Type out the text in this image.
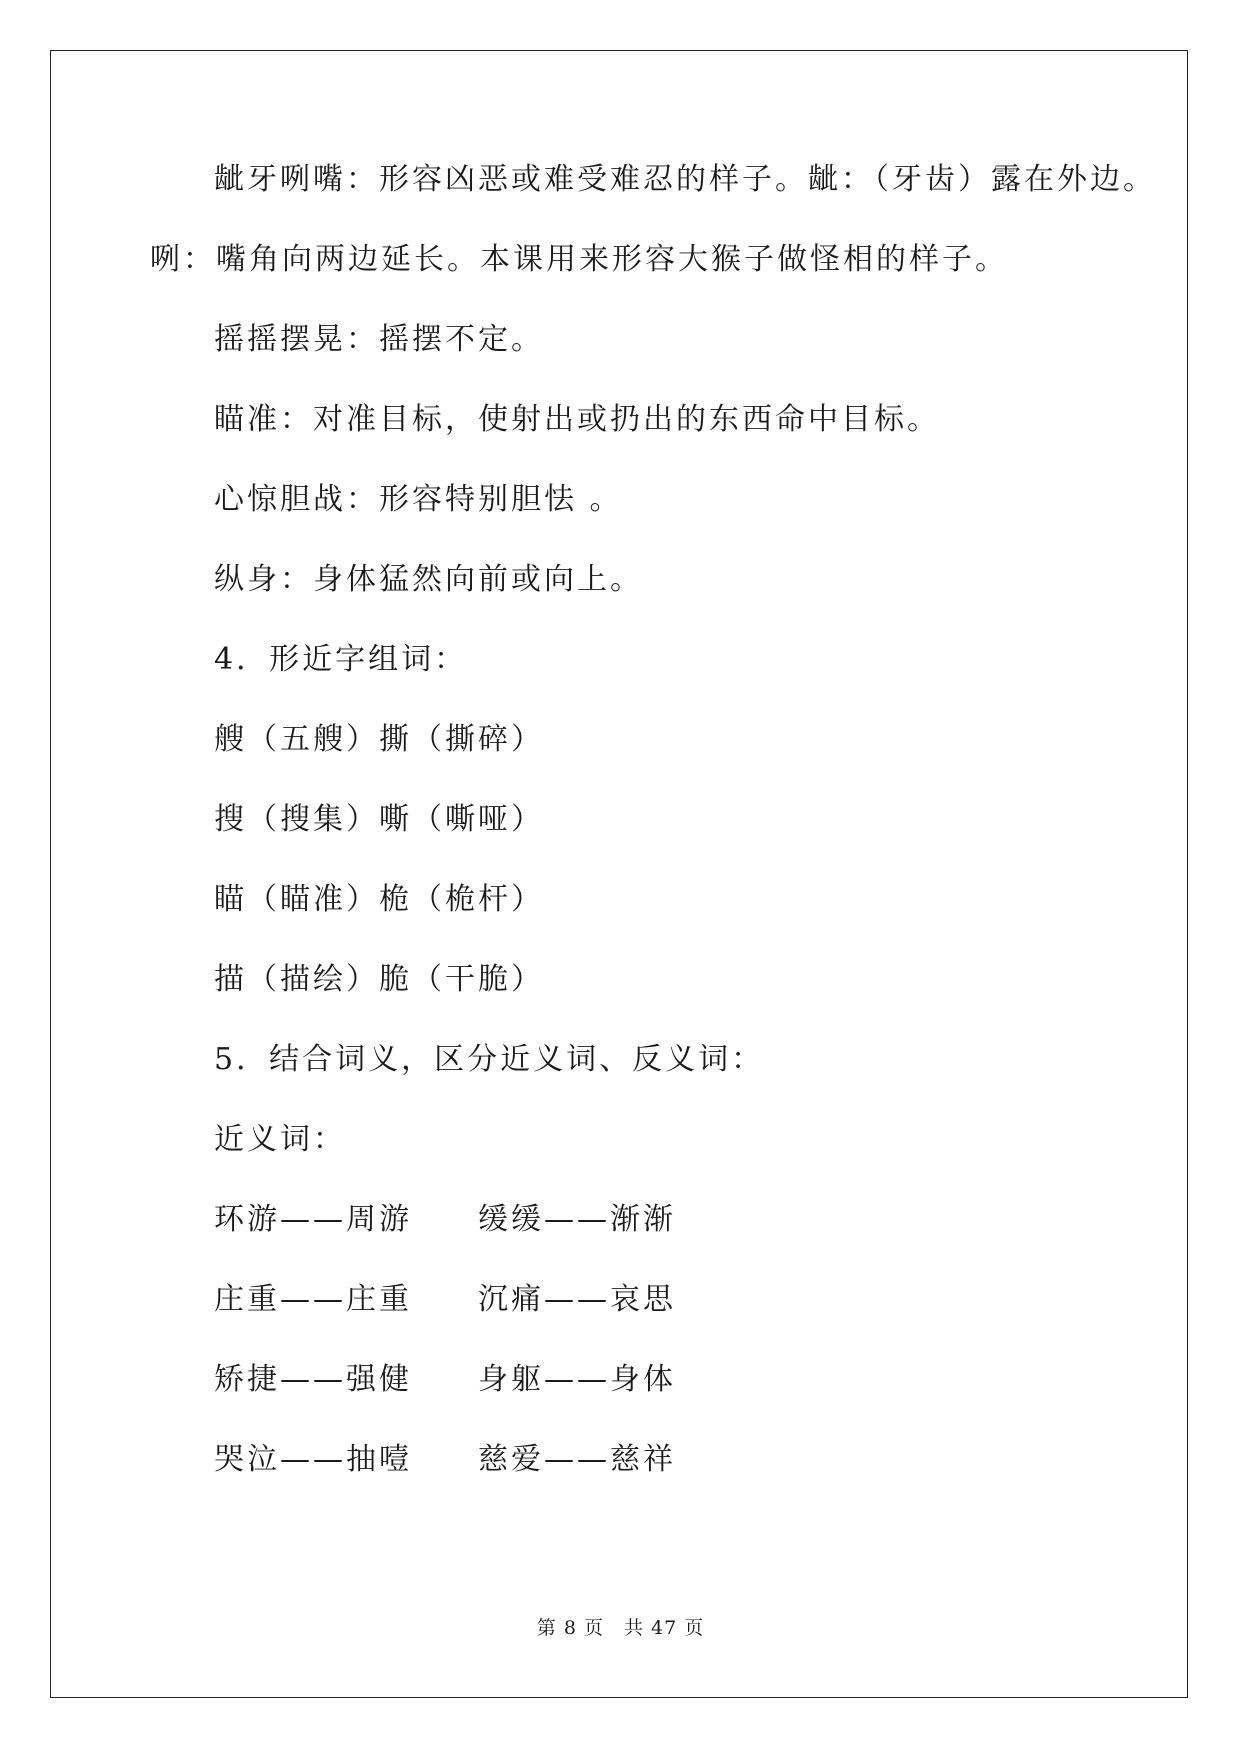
龇牙咧嘴：形容凶恶或难受难忍的样子。龇：（牙齿）露在外边。
咧：嘴角向两边延长。本课用来形容大猴子做怪相的样子。
摇摇摆晃：摇摆不定。
瞄准：对准目标，使射出或扔出的东西命中目标。
心惊胆战：形容特别胆怯 。
纵身：身体猛然向前或向上。
4．形近字组词：
艘（五艘）撕（撕碎）
搜（搜集）嘶（嘶哑）
瞄（瞄准）桅（桅杆）
描（描绘）脆（干脆）
5．结合词义，区分近义词、反义词：
近义词：
环游——周游 缓缓——渐渐
庄重——庄重 沉痛——哀思
矫捷——强健 身躯——身体
哭泣——抽噎 慈爱——慈祥
第 8 页　共 47 页
